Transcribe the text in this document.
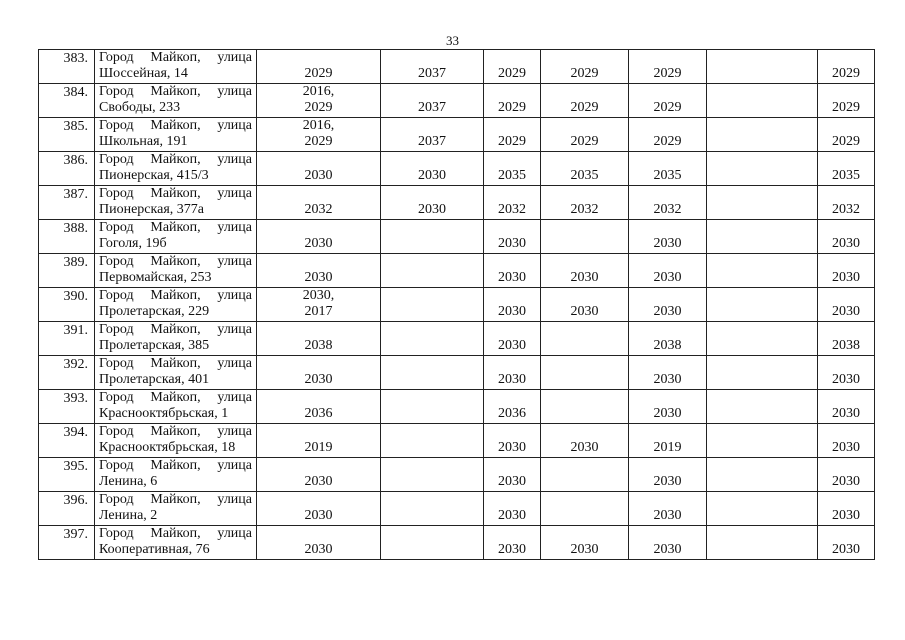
33
383.	Город Майкоп, улица
Шоссейная, 14	2029	2037	2029	2029	2029		2029
384.	Город Майкоп, улица
Свободы, 233	2016,
2029	2037	2029	2029	2029		2029
385.	Город Майкоп, улица
Школьная, 191	2016,
2029	2037	2029	2029	2029		2029
386.	Город Майкоп, улица
Пионерская, 415/3	2030	2030	2035	2035	2035		2035
387.	Город Майкоп, улица
Пионерская, 377а	2032	2030	2032	2032	2032		2032
388.	Город Майкоп, улица
Гоголя, 19б	2030		2030		2030		2030
389.	Город Майкоп, улица
Первомайская, 253	2030		2030	2030	2030		2030
390.	Город Майкоп, улица
Пролетарская, 229	2030,
2017		2030	2030	2030		2030
391.	Город Майкоп, улица
Пролетарская, 385	2038		2030		2038		2038
392.	Город Майкоп, улица
Пролетарская, 401	2030		2030		2030		2030
393.	Город Майкоп, улица
Краснооктябрьская, 1	2036		2036		2030		2030
394.	Город Майкоп, улица
Краснооктябрьская, 18	2019		2030	2030	2019		2030
395.	Город Майкоп, улица
Ленина, 6	2030		2030		2030		2030
396.	Город Майкоп, улица
Ленина, 2	2030		2030		2030		2030
397.	Город Майкоп, улица
Кооперативная, 76	2030		2030	2030	2030		2030
